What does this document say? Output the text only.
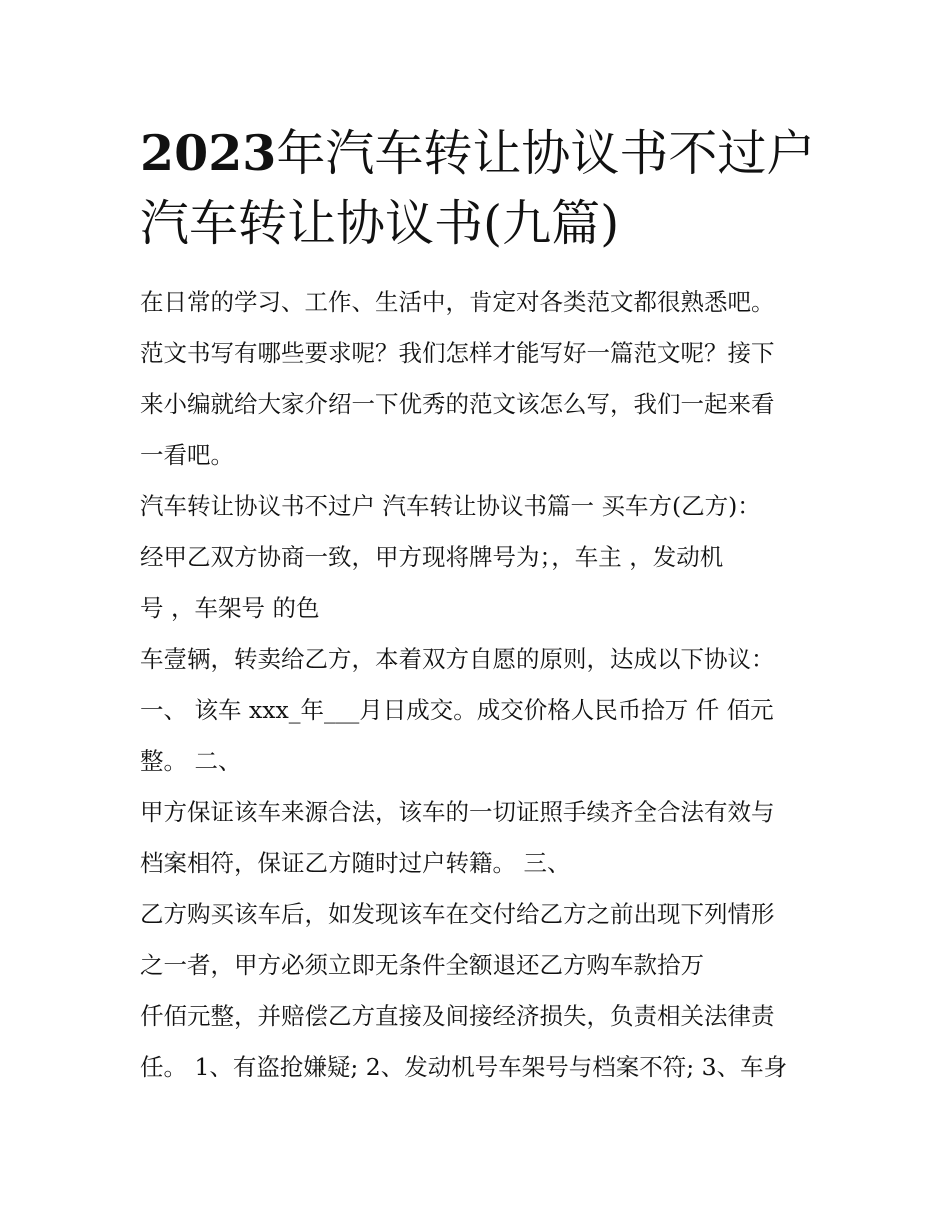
2023年汽车转让协议书不过户
汽车转让协议书(九篇)
在日常的学习、工作、生活中，肯定对各类范文都很熟悉吧。
范文书写有哪些要求呢？我们怎样才能写好一篇范文呢？接下
来小编就给大家介绍一下优秀的范文该怎么写，我们一起来看
一看吧。
汽车转让协议书不过户 汽车转让协议书篇一 买车方(乙方)：
经甲乙双方协商一致，甲方现将牌号为；，车主 ，发动机
号 ，车架号 的色
车壹辆，转卖给乙方，本着双方自愿的原则，达成以下协议：
一、 该车 xxx_年___月日成交。成交价格人民币拾万 仟 佰元
整。 二、
甲方保证该车来源合法，该车的一切证照手续齐全合法有效与
档案相符，保证乙方随时过户转籍。 三、
乙方购买该车后，如发现该车在交付给乙方之前出现下列情形
之一者，甲方必须立即无条件全额退还乙方购车款拾万
仟佰元整，并赔偿乙方直接及间接经济损失，负责相关法律责
任。 1、有盗抢嫌疑; 2、发动机号车架号与档案不符; 3、车身
